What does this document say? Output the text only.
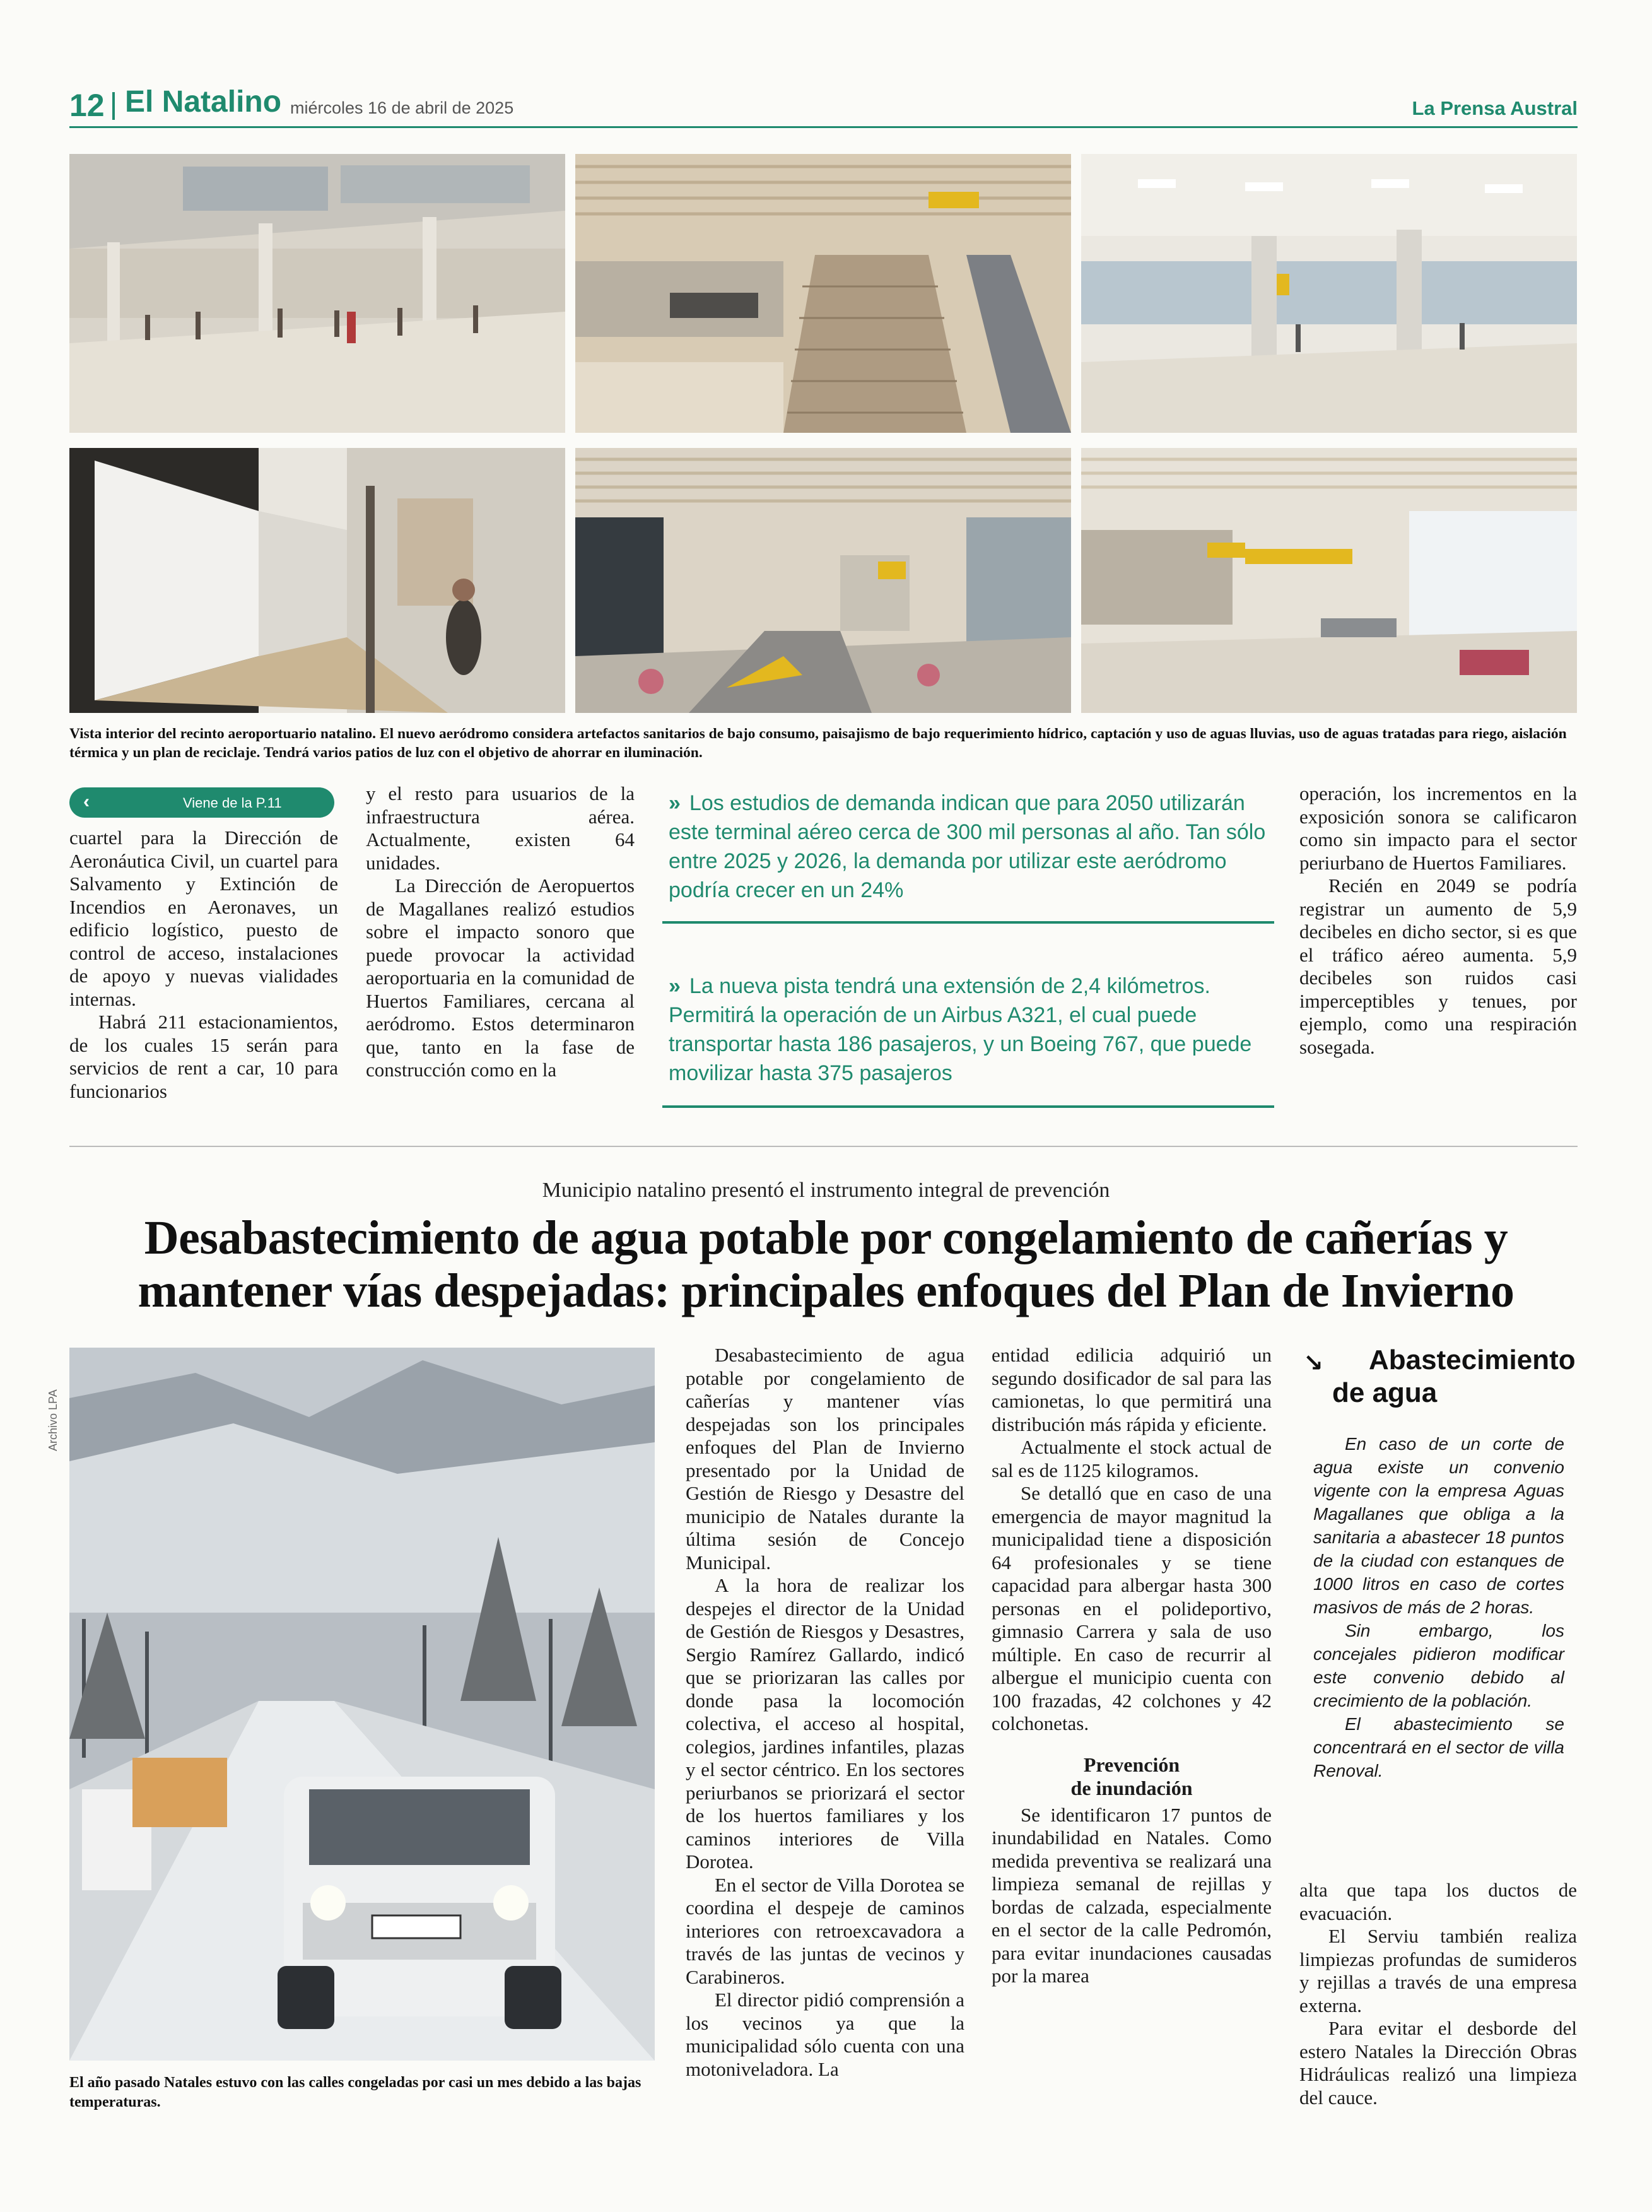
12 El Natalino miércoles 16 de abril de 2025	La Prensa Austral
Vista interior del recinto aeroportuario natalino. El nuevo aeródromo considera artefactos sanitarios de bajo consumo, paisajismo de bajo requerimiento hídrico, captación y uso de aguas lluvias, uso de aguas tratadas para riego, aislación térmica y un plan de reciclaje. Tendrá varios patios de luz con el objetivo de ahorrar en iluminación.
‹	Viene de la P.11

cuartel para la Dirección de Aeronáutica Civil, un cuartel para Salvamento y Extinción de Incendios en Aeronaves, un edificio logístico, puesto de control de acceso, instalaciones de apoyo y nuevas vialidades internas.

Habrá 211 estacionamientos, de los cuales 15 serán para servicios de rent a car, 10 para funcionarios

y el resto para usuarios de la infraestructura aérea. Actualmente, existen 64 unidades.

La Dirección de Aeropuertos de Magallanes realizó estudios sobre el impacto sonoro que puede provocar la actividad aeroportuaria en la comunidad de Huertos Familiares, cercana al aeródromo. Estos determinaron que, tanto en la fase de construcción como en la

» Los estudios de demanda indican que para 2050 utilizarán este terminal aéreo cerca de 300 mil personas al año. Tan sólo entre 2025 y 2026, la demanda por utilizar este aeródromo podría crecer en un 24%
» La nueva pista tendrá una extensión de 2,4 kilómetros. Permitirá la operación de un Airbus A321, el cual puede transportar hasta 186 pasajeros, y un Boeing 767, que puede movilizar hasta 375 pasajeros

operación, los incrementos en la exposición sonora se calificaron como sin impacto para el sector periurbano de Huertos Familiares.

Recién en 2049 se podría registrar un aumento de 5,9 decibeles en dicho sector, si es que el tráfico aéreo aumenta. 5,9 decibeles son ruidos casi imperceptibles y tenues, por ejemplo, como una respiración sosegada.

Municipio natalino presentó el instrumento integral de prevención
Desabastecimiento de agua potable por congelamiento de cañerías y
mantener vías despejadas: principales enfoques del Plan de Invierno
Archivo LPA
El año pasado Natales estuvo con las calles congeladas por casi un mes debido a las bajas temperaturas.

Desabastecimiento de agua potable por congelamiento de cañerías y mantener vías despejadas son los principales enfoques del Plan de Invierno presentado por la Unidad de Gestión de Riesgo y Desastre del municipio de Natales durante la última sesión de Concejo Municipal.

A la hora de realizar los despejes el director de la Unidad de Gestión de Riesgos y Desastres, Sergio Ramírez Gallardo, indicó que se priorizaran las calles por donde pasa la locomoción colectiva, el acceso al hospital, colegios, jardines infantiles, plazas y el sector céntrico. En los sectores periurbanos se priorizará el sector de los huertos familiares y los caminos interiores de Villa Dorotea.

En el sector de Villa Dorotea se coordina el despeje de caminos interiores con retroexcavadora a través de las juntas de vecinos y Carabineros.

El director pidió comprensión a los vecinos ya que la municipalidad sólo cuenta con una motoniveladora. La

entidad edilicia adquirió un segundo dosificador de sal para las camionetas, lo que permitirá una distribución más rápida y eficiente.

Actualmente el stock actual de sal es de 1125 kilogramos.

Se detalló que en caso de una emergencia de mayor magnitud la municipalidad tiene a disposición 64 profesionales y se tiene capacidad para albergar hasta 300 personas en el polideportivo, gimnasio Carrera y sala de uso múltiple. En caso de recurrir al albergue el municipio cuenta con 100 frazadas, 42 colchones y 42 colchonetas.

Prevención
de inundación

Se identificaron 17 puntos de inundabilidad en Natales. Como medida preventiva se realizará una limpieza semanal de rejillas y bordas de calzada, especialmente en el sector de la calle Pedromón, para evitar inundaciones causadas por la marea

↘ Abastecimiento
de agua

En caso de un corte de agua existe un convenio vigente con la empresa Aguas Magallanes que obliga a la sanitaria a abastecer 18 puntos de la ciudad con estanques de 1000 litros en caso de cortes masivos de más de 2 horas.

Sin embargo, los concejales pidieron modificar este convenio debido al crecimiento de la población.

El abastecimiento se concentrará en el sector de villa Renoval.

alta que tapa los ductos de evacuación.

El Serviu también realiza limpiezas profundas de sumideros y rejillas a través de una empresa externa.

Para evitar el desborde del estero Natales la Dirección Obras Hidráulicas realizó una limpieza del cauce.
